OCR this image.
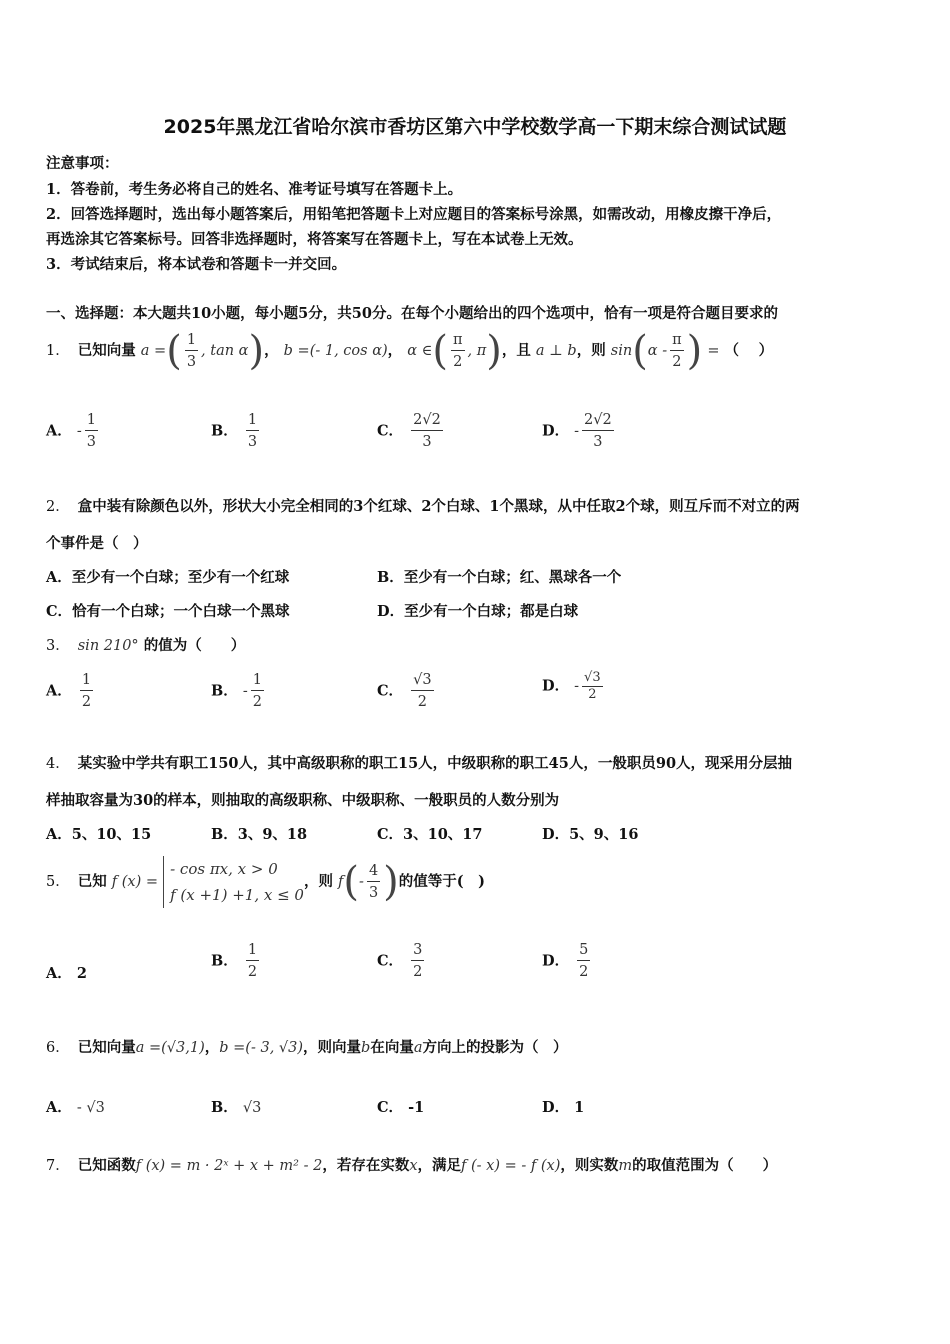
2025年黑龙江省哈尔滨市香坊区第六中学校数学高一下期末综合测试试题
注意事项：
1．答卷前，考生务必将自己的姓名、准考证号填写在答题卡上。
2．回答选择题时，选出每小题答案后，用铅笔把答题卡上对应题目的答案标号涂黑，如需改动，用橡皮擦干净后，
再选涂其它答案标号。回答非选择题时，将答案写在答题卡上，写在本试卷上无效。
3．考试结束后，将本试卷和答题卡一并交回。
一、选择题：本大题共10小题，每小题5分，共50分。在每个小题给出的四个选项中，恰有一项是符合题目要求的
1． 已知向量 a =( $\frac{1}{3}$ , tan α)， b =(- 1, cos α)， α ∈( $\frac{\pi}{2}$ , π)，且 a ⊥ b，则 $\sin(\alpha - \frac{\pi}{2}$ ) = （　 ）
A． - $\frac{1}{3}$	B． $\frac{1}{3}$	C． $\frac{2√2}{3}$	D． - $\frac{2√2}{3}$
2． 盒中装有除颜色以外，形状大小完全相同的3个红球、2个白球、1个黑球，从中任取2个球，则互斥而不对立的两
个事件是（　）
A．至少有一个白球；至少有一个红球	B．至少有一个白球；红、黑球各一个
C．恰有一个白球；一个白球一个黑球	D．至少有一个白球；都是白球
3． sin 210° 的值为（　　）
A． $\frac{1}{2}$	B． - $\frac{1}{2}$	C． $\frac{√3}{2}$	D． - $\frac{√3}{2}$
4． 某实验中学共有职工150人，其中高级职称的职工15人，中级职称的职工45人，一般职员90人，现采用分层抽
样抽取容量为30的样本，则抽取的高级职称、中级职称、一般职员的人数分别为
A．5、10、15	B．3、9、18	C．3、10、17	D．5、9、16
5． 已知 f (x) =
- cos πx, x > 0
f (x +1) +1, x ≤ 0
，则 $f(- \frac{4}{3}$ )的值等于(　)
A． 2
B． $\frac{1}{2}$	C． $\frac{3}{2}$	D． $\frac{5}{2}$
6． 已知向量a =(√3,1)，b =(- 3, √3)，则向量b在向量a方向上的投影为（　）
A． - √3	B． √3	C． -1	D． 1
7． 已知函数f (x) = m · 2ˣ + x + m² - 2，若存在实数x，满足f (- x) = - f (x)，则实数m的取值范围为（　　）
